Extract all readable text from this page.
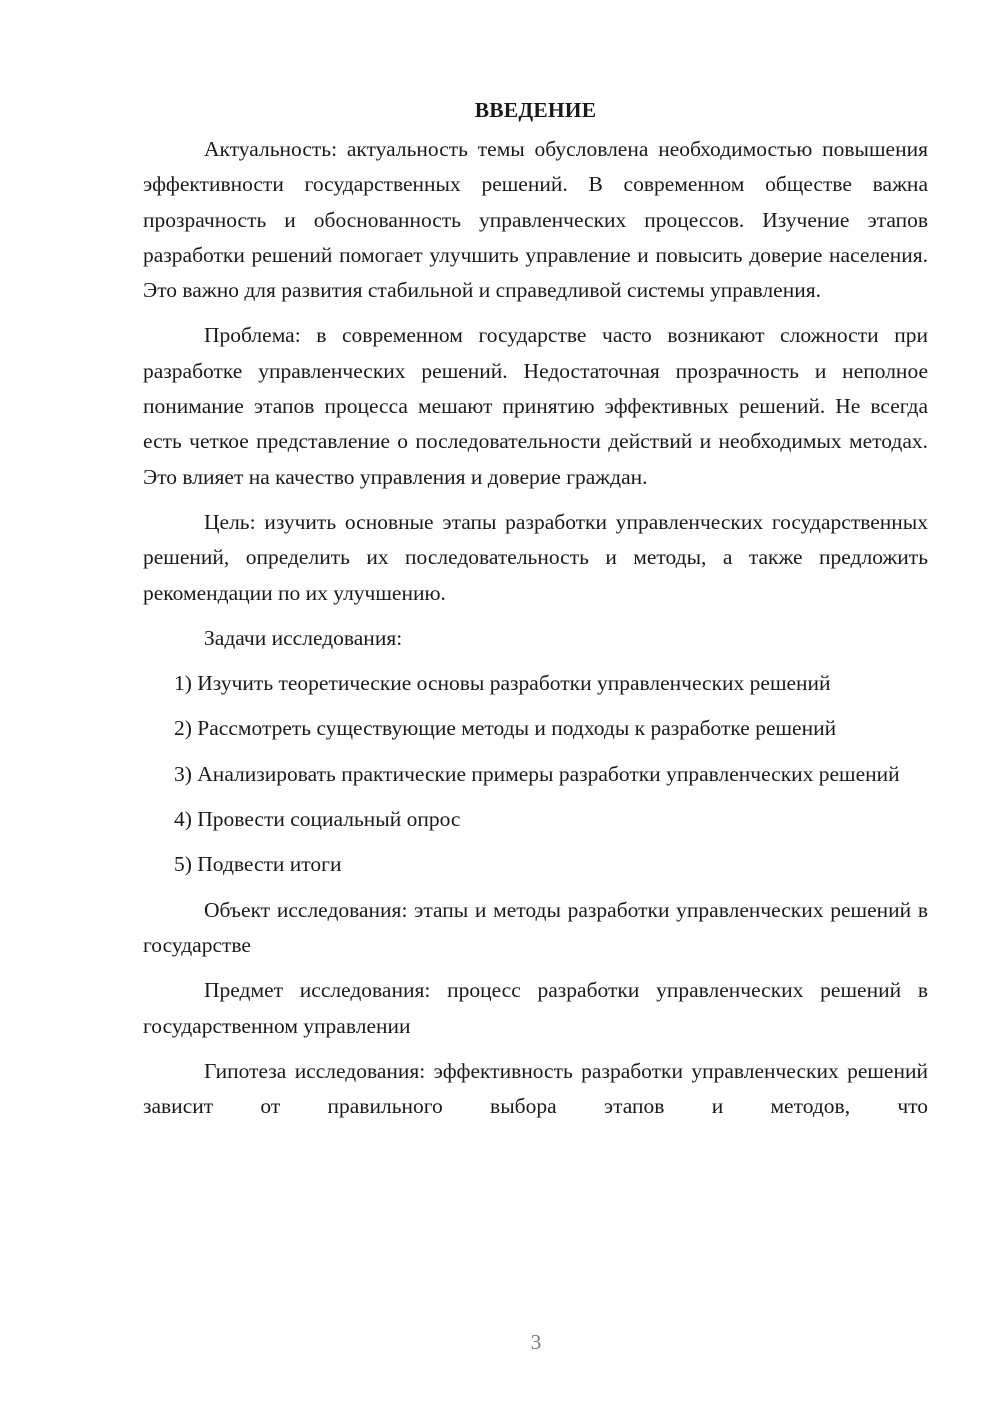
ВВЕДЕНИЕ

Актуальность: актуальность темы обусловлена необходимостью повышения эффективности государственных решений. В современном обществе важна прозрачность и обоснованность управленческих процессов. Изучение этапов разработки решений помогает улучшить управление и повысить доверие населения. Это важно для развития стабильной и справедливой системы управления.

Проблема: в современном государстве часто возникают сложности при разработке управленческих решений. Недостаточная прозрачность и неполное понимание этапов процесса мешают принятию эффективных решений. Не всегда есть четкое представление о последовательности действий и необходимых методах. Это влияет на качество управления и доверие граждан.

Цель: изучить основные этапы разработки управленческих государственных решений, определить их последовательность и методы, а также предложить рекомендации по их улучшению.

Задачи исследования:

1) Изучить теоретические основы разработки управленческих решений

2) Рассмотреть существующие методы и подходы к разработке решений

3) Анализировать практические примеры разработки управленческих решений

4) Провести социальный опрос

5) Подвести итоги

Объект исследования: этапы и методы разработки управленческих решений в государстве

Предмет исследования: процесс разработки управленческих решений в государственном управлении

Гипотеза исследования: эффективность разработки управленческих решений зависит от правильного выбора этапов и методов, что

3
